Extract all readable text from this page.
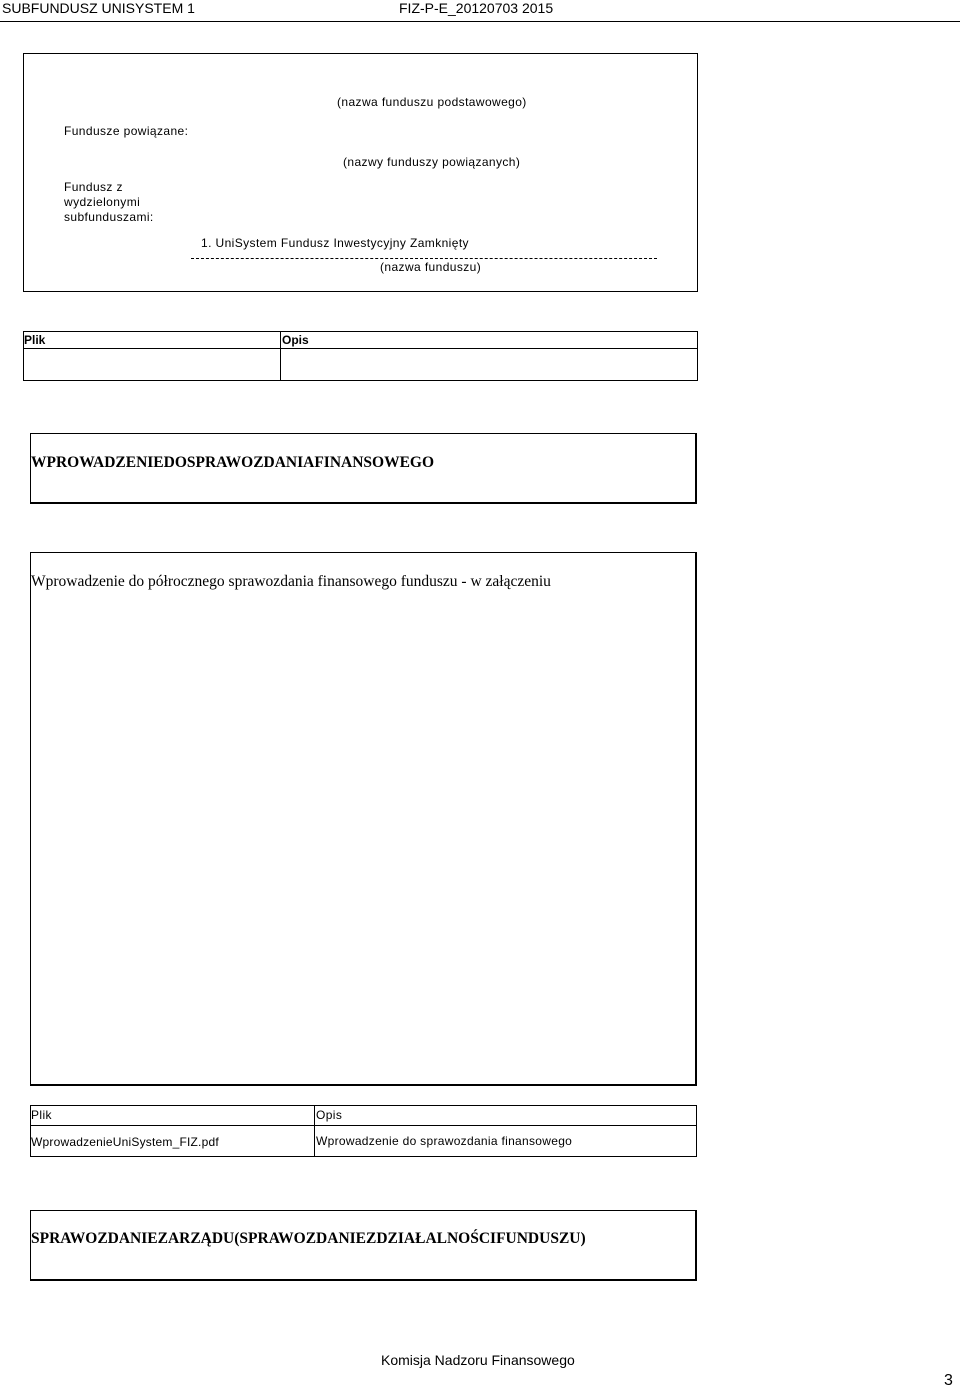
SUBFUNDUSZ UNISYSTEM 1	FIZ-P-E_20120703 2015
(nazwa funduszu podstawowego)
Fundusze powiązane:
(nazwy funduszy powiązanych)
Fundusz z
wydzielonymi
subfunduszami:
1. UniSystem Fundusz Inwestycyjny Zamknięty
(nazwa funduszu)
Plik	Opis
WPROWADZENIEDOSPRAWOZDANIAFINANSOWEGO
Wprowadzenie do półrocznego sprawozdania finansowego funduszu - w załączeniu
Plik	Opis
WprowadzenieUniSystem_FIZ.pdf	Wprowadzenie do sprawozdania finansowego
SPRAWOZDANIEZARZĄDU(SPRAWOZDANIEZDZIAŁALNOŚCIFUNDUSZU)
Komisja Nadzoru Finansowego
3
